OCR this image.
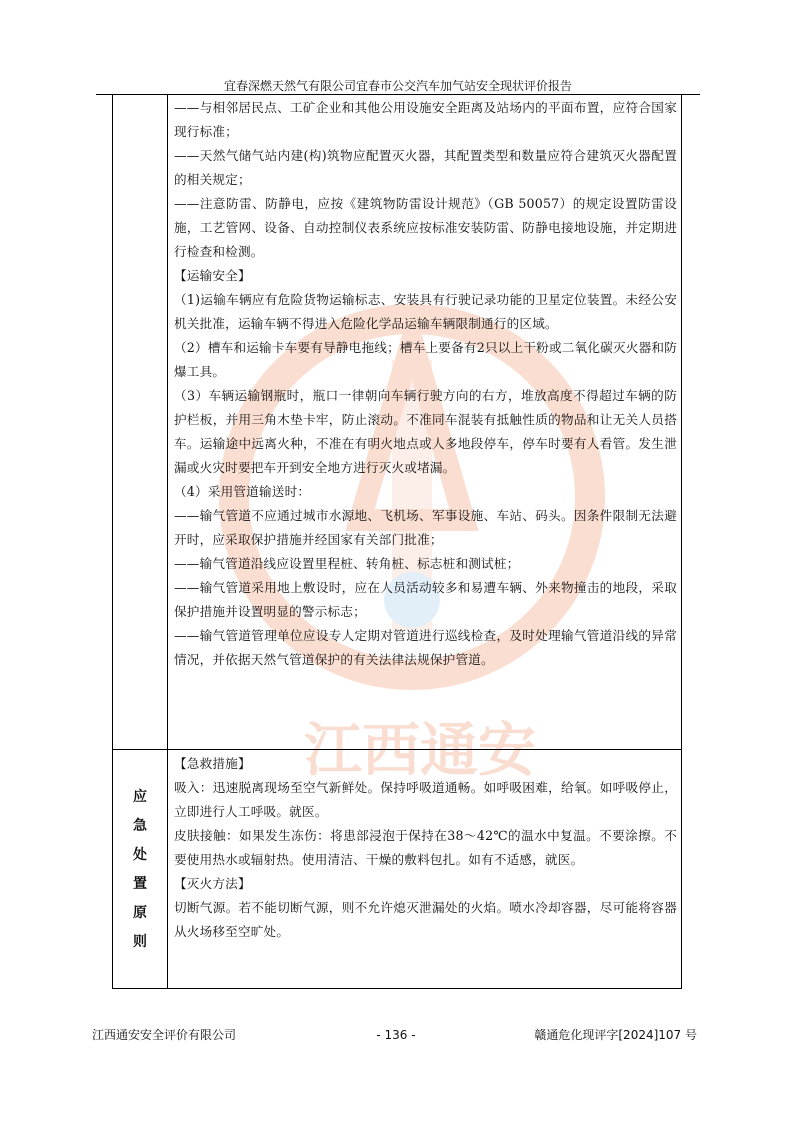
江西通安
宜春深燃天然气有限公司宜春市公交汽车加气站安全现状评价报告

——与相邻居民点、工矿企业和其他公用设施安全距离及站场内的平面布置，应符合国家现行标准；

——天然气储气站内建(构)筑物应配置灭火器，其配置类型和数量应符合建筑灭火器配置的相关规定；

——注意防雷、防静电，应按《建筑物防雷设计规范》（GB 50057）的规定设置防雷设施，工艺管网、设备、自动控制仪表系统应按标准安装防雷、防静电接地设施，并定期进行检查和检测。

【运输安全】

（1)运输车辆应有危险货物运输标志、安装具有行驶记录功能的卫星定位装置。未经公安机关批准，运输车辆不得进入危险化学品运输车辆限制通行的区域。

（2）槽车和运输卡车要有导静电拖线；槽车上要备有2只以上干粉或二氧化碳灭火器和防爆工具。

（3）车辆运输钢瓶时，瓶口一律朝向车辆行驶方向的右方，堆放高度不得超过车辆的防护栏板，并用三角木垫卡牢，防止滚动。不准同车混装有抵触性质的物品和让无关人员搭车。运输途中远离火种，不准在有明火地点或人多地段停车，停车时要有人看管。发生泄漏或火灾时要把车开到安全地方进行灭火或堵漏。

（4）采用管道输送时：

——输气管道不应通过城市水源地、飞机场、军事设施、车站、码头。因条件限制无法避开时，应采取保护措施并经国家有关部门批准；

——输气管道沿线应设置里程桩、转角桩、标志桩和测试桩；

——输气管道采用地上敷设时，应在人员活动较多和易遭车辆、外来物撞击的地段，采取保护措施并设置明显的警示标志；

——输气管道管理单位应设专人定期对管道进行巡线检查，及时处理输气管道沿线的异常情况，并依据天然气管道保护的有关法律法规保护管道。

应
急
处
置
原
则

【急救措施】

吸入：迅速脱离现场至空气新鲜处。保持呼吸道通畅。如呼吸困难，给氧。如呼吸停止，立即进行人工呼吸。就医。

皮肤接触：如果发生冻伤：将患部浸泡于保持在38～42℃的温水中复温。不要涂擦。不要使用热水或辐射热。使用清洁、干燥的敷料包扎。如有不适感，就医。

【灭火方法】

切断气源。若不能切断气源，则不允许熄灭泄漏处的火焰。喷水冷却容器，尽可能将容器从火场移至空旷处。

江西通安安全评价有限公司	- 136 -	赣通危化现评字[2024]107 号
